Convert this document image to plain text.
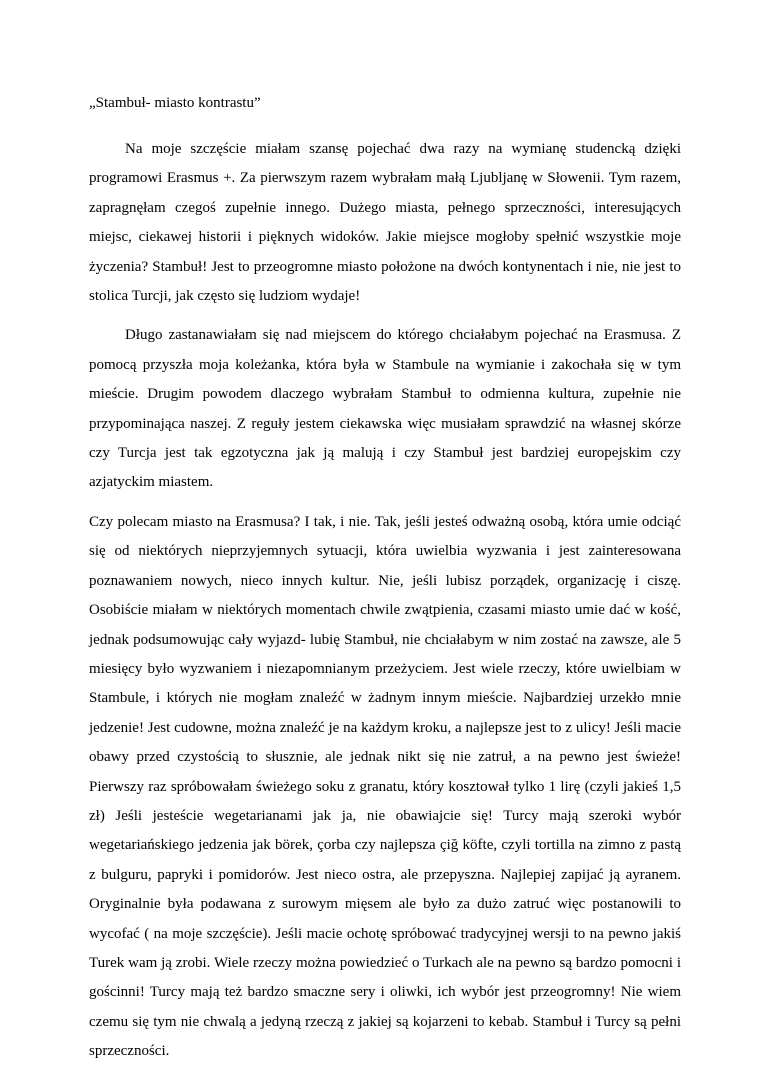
„Stambuł- miasto kontrastu”

Na moje szczęście miałam szansę pojechać dwa razy na wymianę studencką dzięki programowi Erasmus +. Za pierwszym razem wybrałam małą Ljubljanę w Słowenii. Tym razem, zapragnęłam czegoś zupełnie innego. Dużego miasta, pełnego sprzeczności, interesujących miejsc, ciekawej historii i pięknych widoków. Jakie miejsce mogłoby spełnić wszystkie moje życzenia? Stambuł! Jest to przeogromne miasto położone na dwóch kontynentach i nie, nie jest to stolica Turcji, jak często się ludziom wydaje!

Długo zastanawiałam się nad miejscem do którego chciałabym pojechać na Erasmusa. Z pomocą przyszła moja koleżanka, która była w Stambule na wymianie i zakochała się w tym mieście. Drugim powodem dlaczego wybrałam Stambuł to odmienna kultura, zupełnie nie przypominająca naszej. Z reguły jestem ciekawska więc musiałam sprawdzić na własnej skórze czy Turcja jest tak egzotyczna jak ją malują i czy Stambuł jest bardziej europejskim czy azjatyckim miastem.

Czy polecam miasto na Erasmusa? I tak, i nie. Tak, jeśli jesteś odważną osobą, która umie odciąć się od niektórych nieprzyjemnych sytuacji, która uwielbia wyzwania i jest zainteresowana poznawaniem nowych, nieco innych kultur. Nie, jeśli lubisz porządek, organizację i ciszę. Osobiście miałam w niektórych momentach chwile zwątpienia, czasami miasto umie dać w kość, jednak podsumowując cały wyjazd- lubię Stambuł, nie chciałabym w nim zostać na zawsze, ale 5 miesięcy było wyzwaniem i niezapomnianym przeżyciem. Jest wiele rzeczy, które uwielbiam w Stambule, i których nie mogłam znaleźć w żadnym innym mieście. Najbardziej urzekło mnie jedzenie! Jest cudowne, można znaleźć je na każdym kroku, a najlepsze jest to z ulicy! Jeśli macie obawy przed czystością to słusznie, ale jednak nikt się nie zatruł, a na pewno jest świeże! Pierwszy raz spróbowałam świeżego soku z granatu, który kosztował tylko 1 lirę (czyli jakieś 1,5 zł) Jeśli jesteście wegetarianami jak ja, nie obawiajcie się! Turcy mają szeroki wybór wegetariańskiego jedzenia jak börek, çorba czy najlepsza çiğ köfte, czyli tortilla na zimno z pastą z bulguru, papryki i pomidorów. Jest nieco ostra, ale przepyszna. Najlepiej zapijać ją ayranem. Oryginalnie była podawana z surowym mięsem ale było za dużo zatruć więc postanowili to wycofać ( na moje szczęście). Jeśli macie ochotę spróbować tradycyjnej wersji to na pewno jakiś Turek wam ją zrobi. Wiele rzeczy można powiedzieć o Turkach ale na pewno są bardzo pomocni i gościnni! Turcy mają też bardzo smaczne sery i oliwki, ich wybór jest przeogromny! Nie wiem czemu się tym nie chwalą a jedyną rzeczą z jakiej są kojarzeni to kebab. Stambuł i Turcy są pełni sprzeczności.
